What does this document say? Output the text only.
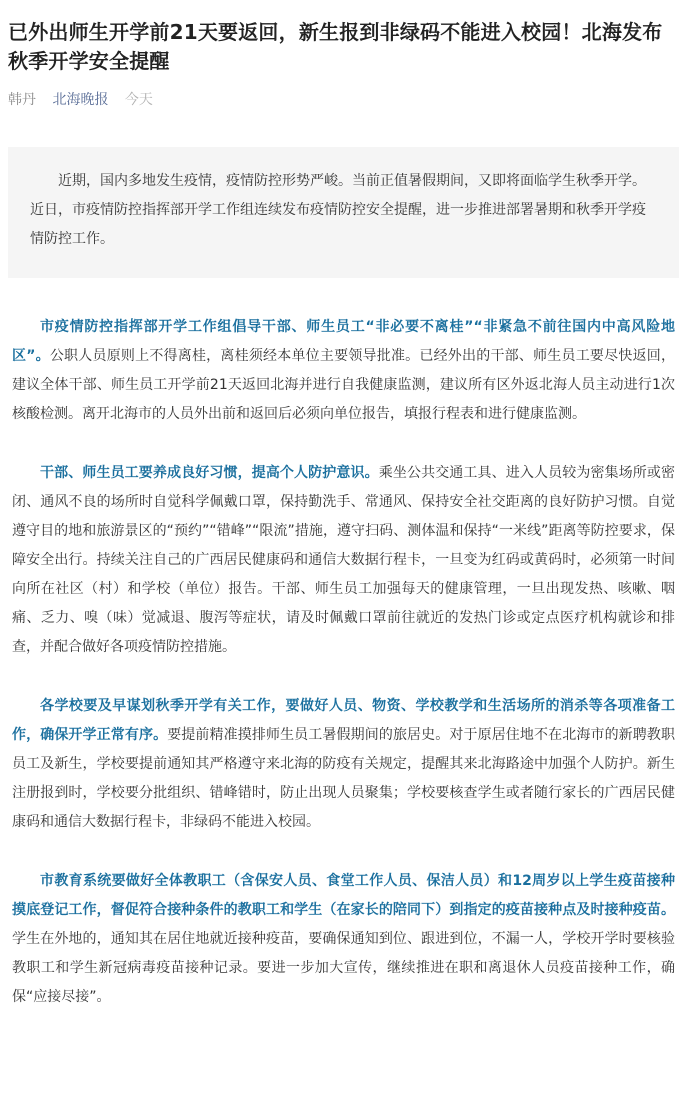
已外出师生开学前21天要返回，新生报到非绿码不能进入校园！北海发布秋季开学安全提醒
韩丹 北海晚报 今天
近期，国内多地发生疫情，疫情防控形势严峻。当前正值暑假期间，又即将面临学生秋季开学。近日，市疫情防控指挥部开学工作组连续发布疫情防控安全提醒，进一步推进部署暑期和秋季开学疫情防控工作。

市疫情防控指挥部开学工作组倡导干部、师生员工“非必要不离桂”“非紧急不前往国内中高风险地区”。公职人员原则上不得离桂，离桂须经本单位主要领导批准。已经外出的干部、师生员工要尽快返回，建议全体干部、师生员工开学前21天返回北海并进行自我健康监测，建议所有区外返北海人员主动进行1次核酸检测。离开北海市的人员外出前和返回后必须向单位报告，填报行程表和进行健康监测。

干部、师生员工要养成良好习惯，提高个人防护意识。乘坐公共交通工具、进入人员较为密集场所或密闭、通风不良的场所时自觉科学佩戴口罩，保持勤洗手、常通风、保持安全社交距离的良好防护习惯。自觉遵守目的地和旅游景区的“预约”“错峰”“限流”措施，遵守扫码、测体温和保持“一米线”距离等防控要求，保障安全出行。持续关注自己的广西居民健康码和通信大数据行程卡，一旦变为红码或黄码时，必须第一时间向所在社区（村）和学校（单位）报告。干部、师生员工加强每天的健康管理，一旦出现发热、咳嗽、咽痛、乏力、嗅（味）觉减退、腹泻等症状，请及时佩戴口罩前往就近的发热门诊或定点医疗机构就诊和排查，并配合做好各项疫情防控措施。

各学校要及早谋划秋季开学有关工作，要做好人员、物资、学校教学和生活场所的消杀等各项准备工作，确保开学正常有序。要提前精准摸排师生员工暑假期间的旅居史。对于原居住地不在北海市的新聘教职员工及新生，学校要提前通知其严格遵守来北海的防疫有关规定，提醒其来北海路途中加强个人防护。新生注册报到时，学校要分批组织、错峰错时，防止出现人员聚集；学校要核查学生或者随行家长的广西居民健康码和通信大数据行程卡，非绿码不能进入校园。

市教育系统要做好全体教职工（含保安人员、食堂工作人员、保洁人员）和12周岁以上学生疫苗接种摸底登记工作，督促符合接种条件的教职工和学生（在家长的陪同下）到指定的疫苗接种点及时接种疫苗。学生在外地的，通知其在居住地就近接种疫苗，要确保通知到位、跟进到位，不漏一人，学校开学时要核验教职工和学生新冠病毒疫苗接种记录。要进一步加大宣传，继续推进在职和离退休人员疫苗接种工作，确保“应接尽接”。
